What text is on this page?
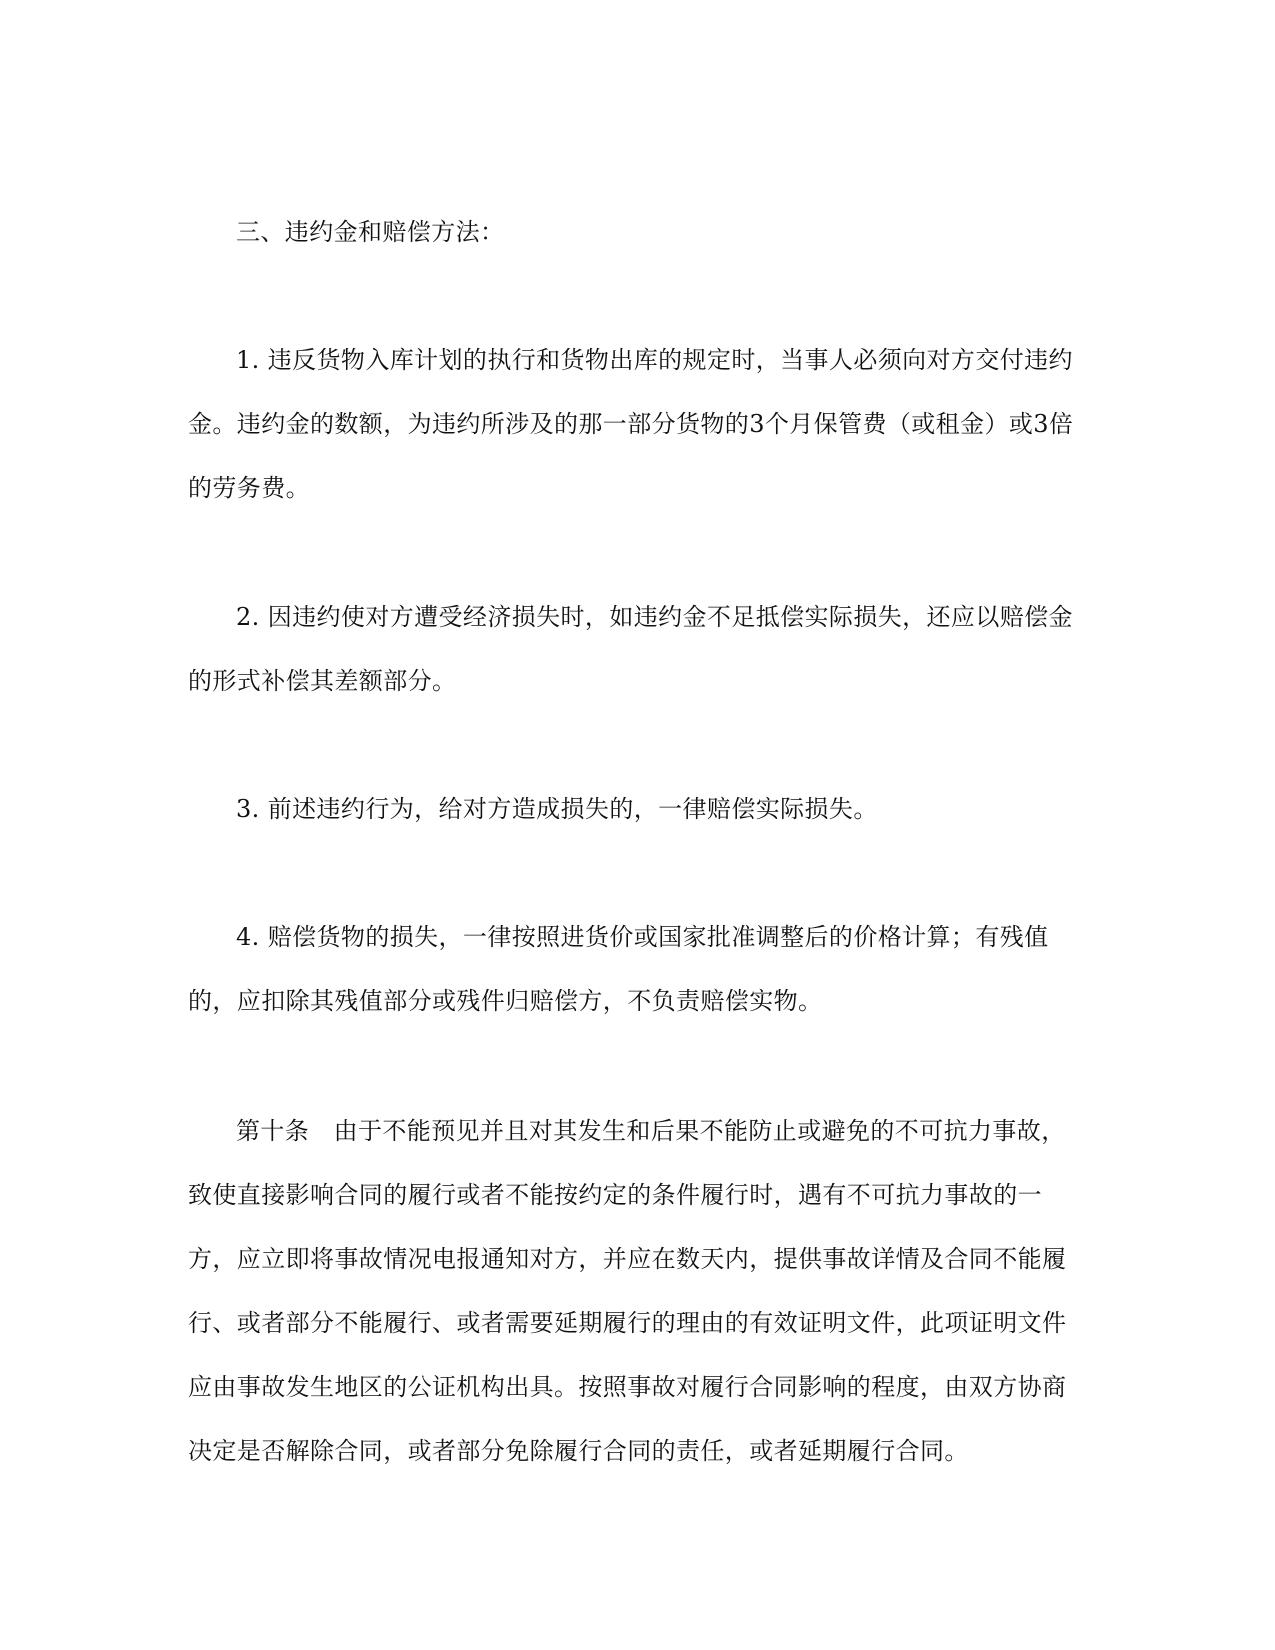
三、违约金和赔偿方法：

1. 违反货物入库计划的执行和货物出库的规定时，当事人必须向对方交付违约金。违约金的数额，为违约所涉及的那一部分货物的3个月保管费（或租金）或3倍的劳务费。

2. 因违约使对方遭受经济损失时，如违约金不足抵偿实际损失，还应以赔偿金的形式补偿其差额部分。

3. 前述违约行为，给对方造成损失的，一律赔偿实际损失。

4. 赔偿货物的损失，一律按照进货价或国家批准调整后的价格计算；有残值的，应扣除其残值部分或残件归赔偿方，不负责赔偿实物。

第十条　由于不能预见并且对其发生和后果不能防止或避免的不可抗力事故，致使直接影响合同的履行或者不能按约定的条件履行时，遇有不可抗力事故的一方，应立即将事故情况电报通知对方，并应在数天内，提供事故详情及合同不能履行、或者部分不能履行、或者需要延期履行的理由的有效证明文件，此项证明文件应由事故发生地区的公证机构出具。按照事故对履行合同影响的程度，由双方协商决定是否解除合同，或者部分免除履行合同的责任，或者延期履行合同。
